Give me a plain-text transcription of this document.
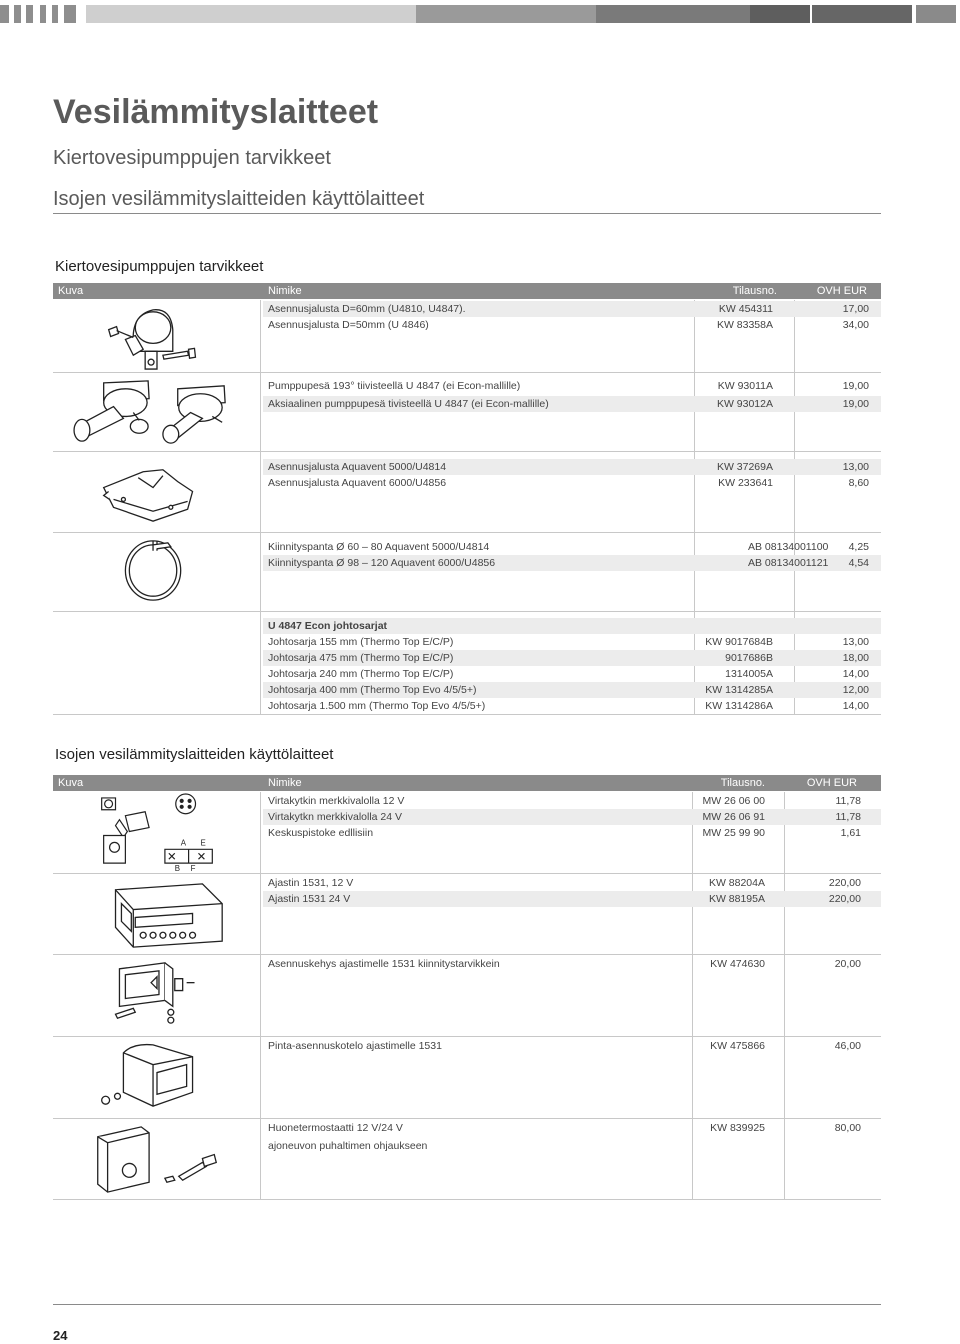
Vesilämmityslaitteet
Kiertovesipumppujen tarvikkeet
Isojen vesilämmityslaitteiden käyttölaitteet
Kiertovesipumppujen tarvikkeet
Kuva	Nimike	Tilausno.	OVH EUR
Asennusjalusta D=60mm (U4810, U4847).	KW 454311	17,00
Asennusjalusta D=50mm (U 4846)	KW 83358A	34,00
Pumppupesä 193° tiivisteellä U 4847 (ei Econ-mallille)	KW 93011A	19,00
Aksiaalinen pumppupesä tivisteellä U 4847 (ei Econ-mallille)	KW 93012A	19,00
Asennusjalusta Aquavent 5000/U4814	KW 37269A	13,00
Asennusjalusta Aquavent 6000/U4856	KW 233641	8,60
Kiinnityspanta Ø 60 – 80 Aquavent 5000/U4814	AB 08134001100 4,25
Kiinnityspanta Ø 98 – 120 Aquavent 6000/U4856	AB 08134001121 4,54
U 4847 Econ johtosarjat
Johtosarja 155 mm (Thermo Top E/C/P)	KW 9017684B	13,00
Johtosarja 475 mm (Thermo Top E/C/P)	9017686B	18,00
Johtosarja 240 mm (Thermo Top E/C/P)	1314005A	14,00
Johtosarja 400 mm (Thermo Top Evo 4/5/5+)	KW 1314285A	12,00
Johtosarja 1.500 mm (Thermo Top Evo 4/5/5+)	KW 1314286A	14,00
Isojen vesilämmityslaitteiden käyttölaitteet
Kuva	Nimike	Tilausno.	OVH EUR
A E
B F
Virtakytkin merkkivalolla 12 V	MW 26 06 00	11,78
Virtakytkn merkkivalolla 24 V	MW 26 06 91	11,78
Keskuspistoke edllisiin	MW 25 99 90	1,61
Ajastin 1531, 12 V	KW 88204A	220,00
Ajastin 1531 24 V	KW 88195A	220,00
Asennuskehys ajastimelle 1531 kiinnitystarvikkein	KW 474630	20,00
Pinta-asennuskotelo ajastimelle 1531	KW 475866	46,00
Huonetermostaatti 12 V/24 V	KW 839925	80,00
ajoneuvon puhaltimen ohjaukseen
24
